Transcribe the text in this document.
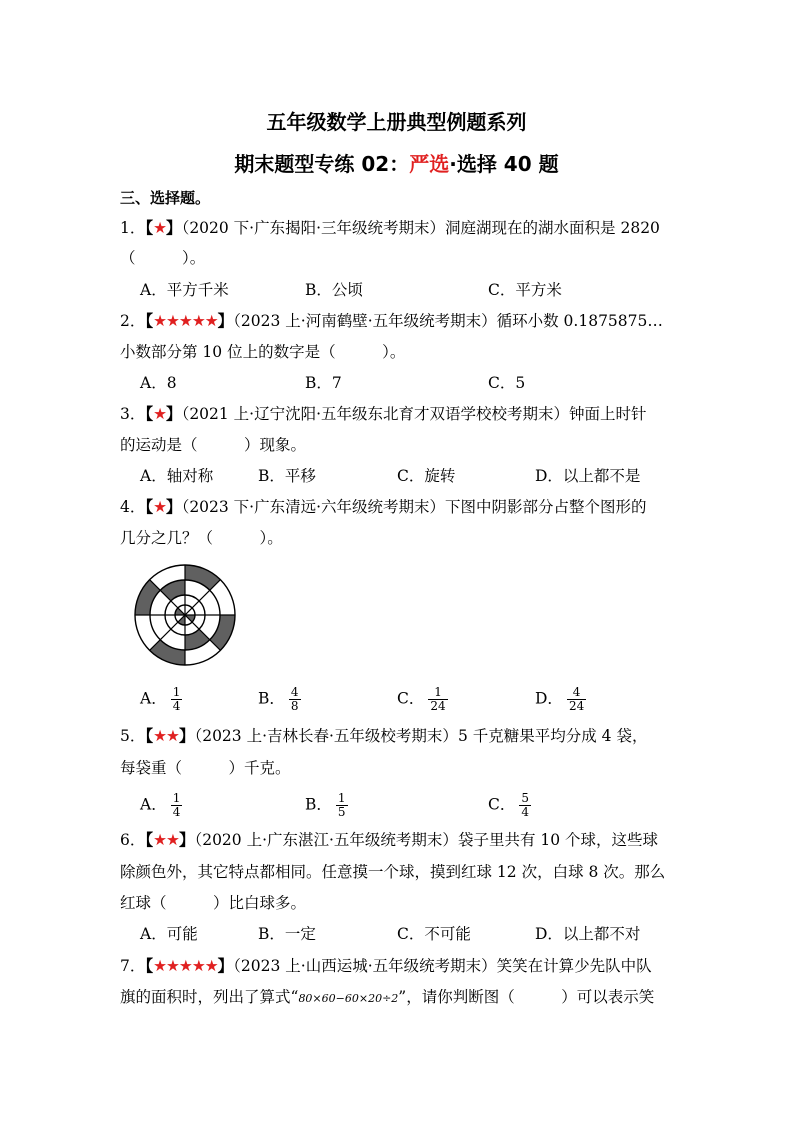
五年级数学上册典型例题系列
期末题型专练 02：严选·选择 40 题
三、选择题。
1．【★】（2020 下·广东揭阳·三年级统考期末）洞庭湖现在的湖水面积是 2820
（　　　）。
A．平方千米	B．公顷	C．平方米
2．【★★★★★】（2023 上·河南鹤壁·五年级统考期末）循环小数 0.1875875…
小数部分第 10 位上的数字是（　　　）。
A．8	B．7	C．5
3．【★】（2021 上·辽宁沈阳·五年级东北育才双语学校校考期末）钟面上时针
的运动是（　　　）现象。
A．轴对称	B．平移	C．旋转	D．以上都不是
4．【★】（2023 下·广东清远·六年级统考期末）下图中阴影部分占整个图形的
几分之几？（　　　）。
A． $\frac{1}{4}$	B． $\frac{4}{8}$	C． $\frac{1}{24}$	D． $\frac{4}{24}$
5．【★★】（2023 上·吉林长春·五年级校考期末）5 千克糖果平均分成 4 袋，
每袋重（　　　）千克。
A． $\frac{1}{4}$	B． $\frac{1}{5}$	C． $\frac{5}{4}$
6．【★★】（2020 上·广东湛江·五年级统考期末）袋子里共有 10 个球，这些球
除颜色外，其它特点都相同。任意摸一个球，摸到红球 12 次，白球 8 次。那么
红球（　　　）比白球多。
A．可能	B．一定	C．不可能	D．以上都不对
7．【★★★★★】（2023 上·山西运城·五年级统考期末）笑笑在计算少先队中队
旗的面积时，列出了算式“80×60−60×20÷2”，请你判断图（　　　）可以表示笑
